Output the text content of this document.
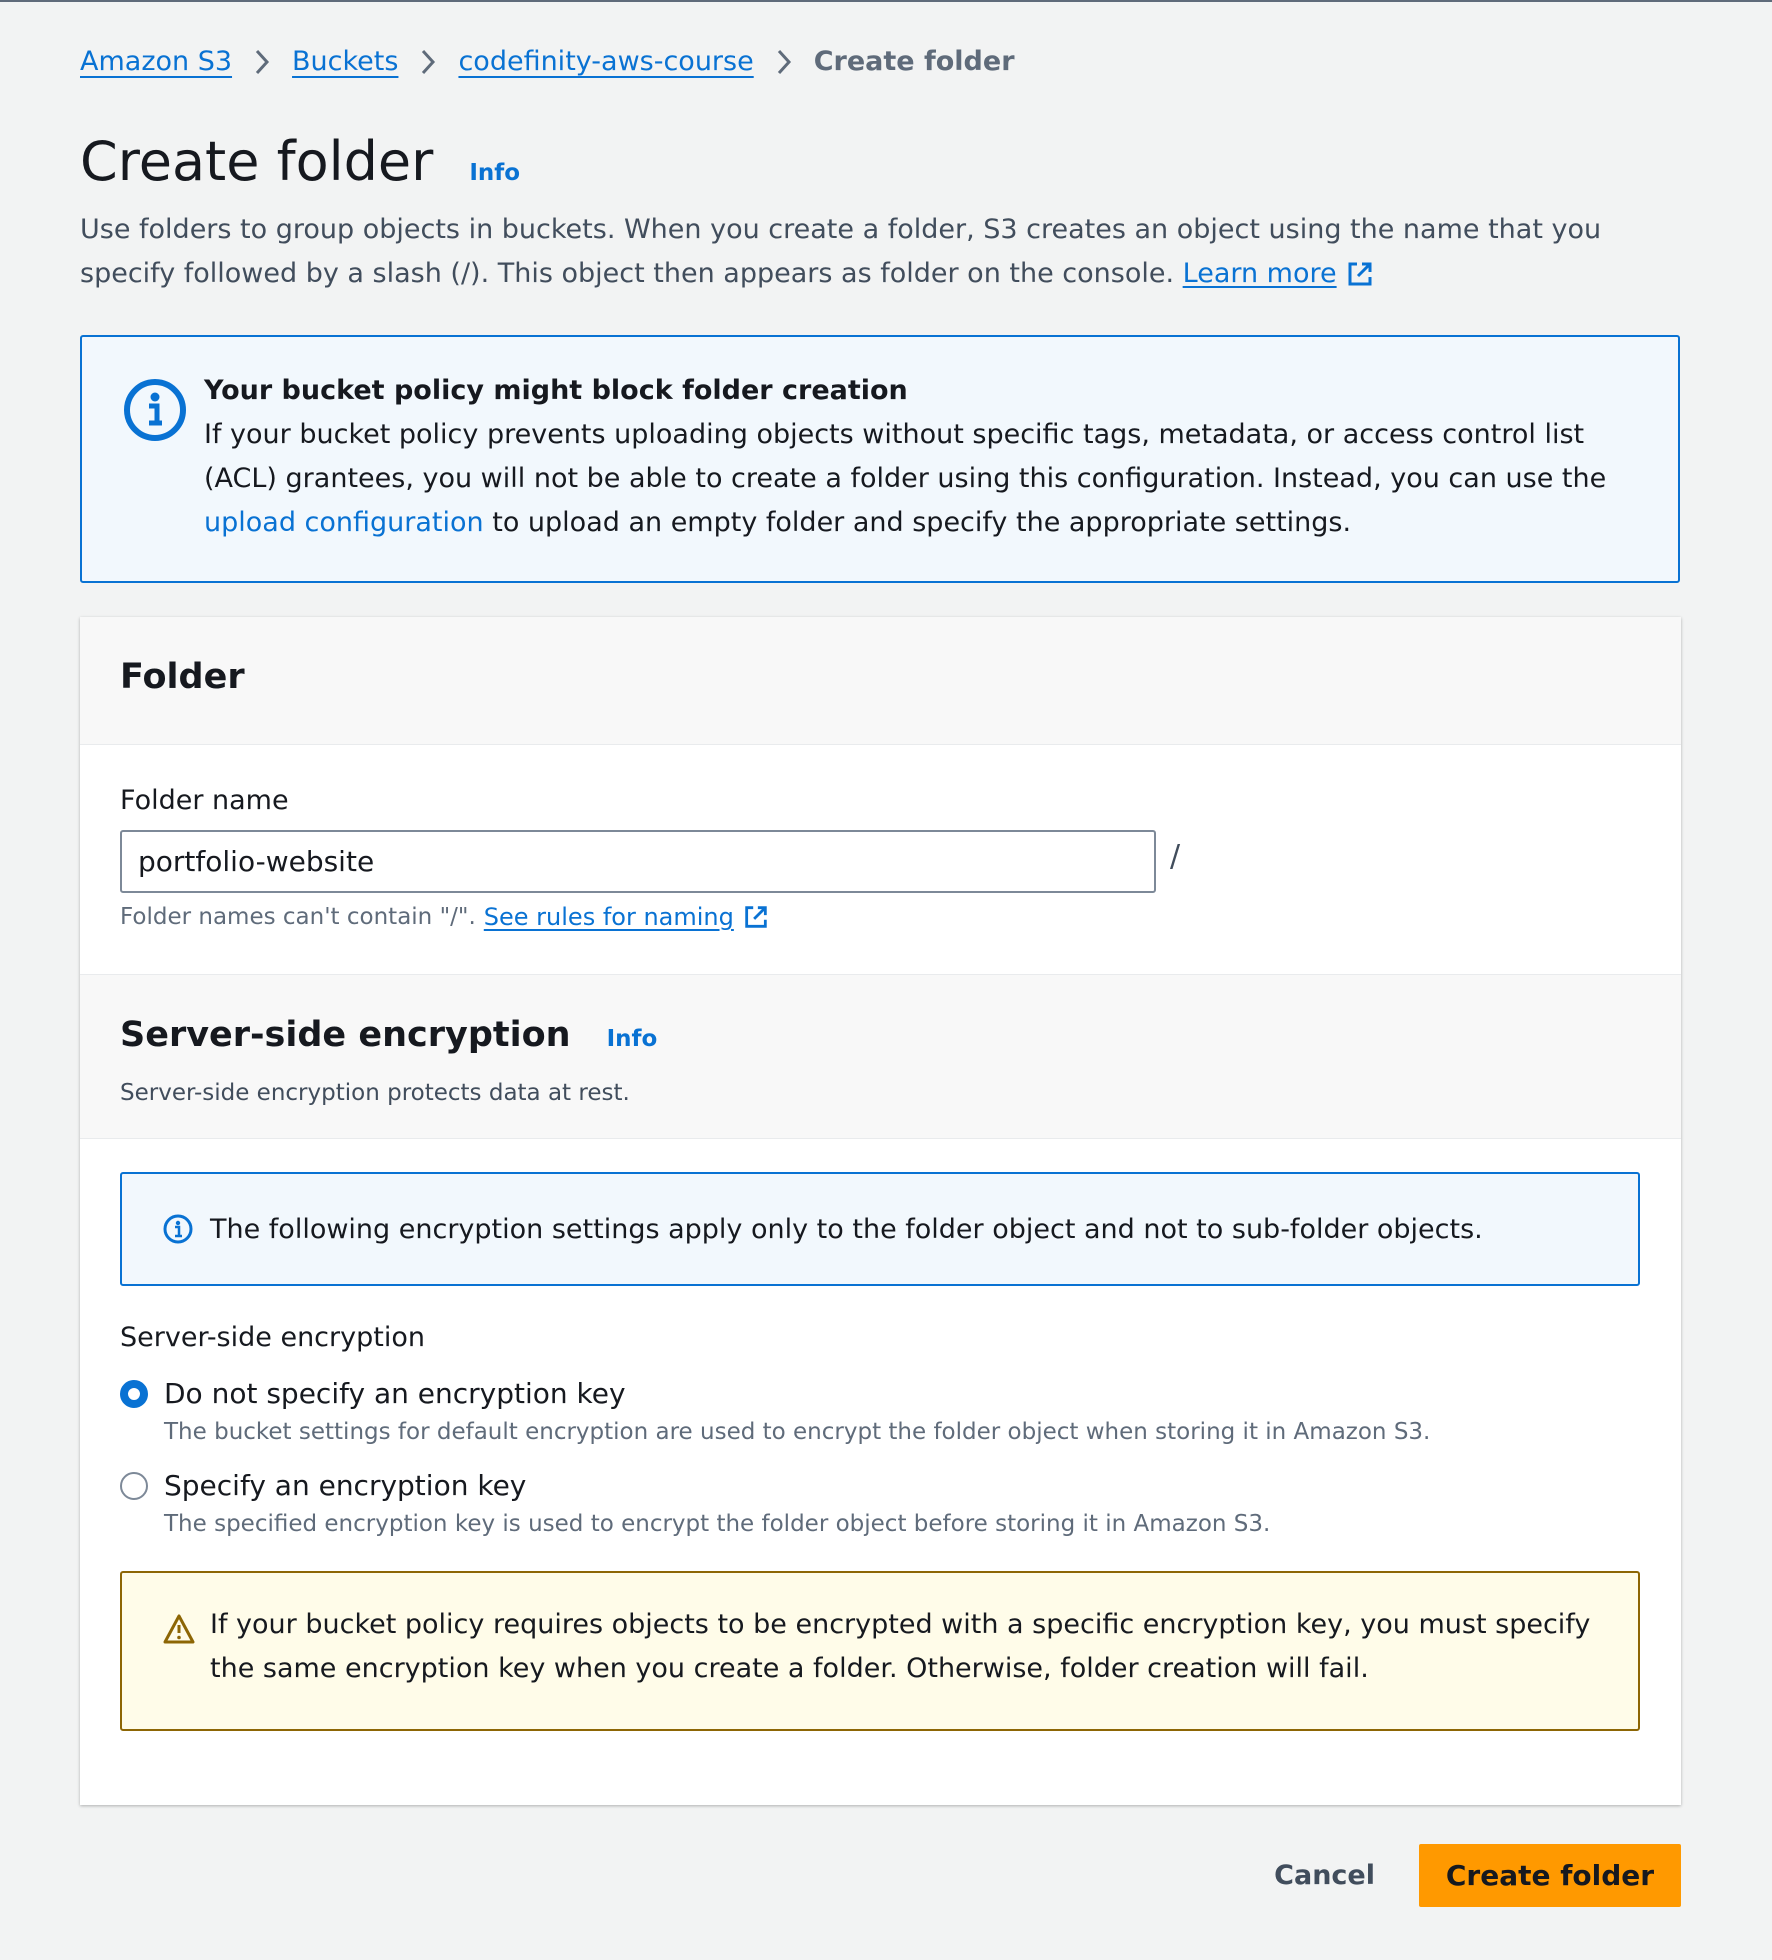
Amazon S3 Buckets codefinity-aws-course Create folder
Create folder Info

Use folders to group objects in buckets. When you create a folder, S3 creates an object using the name that you specify followed by a slash (/). This object then appears as folder on the console. Learn more

Your bucket policy might block folder creation
If your bucket policy prevents uploading objects without specific tags, metadata, or access control list (ACL) grantees, you will not be able to create a folder using this configuration. Instead, you can use the upload configuration to upload an empty folder and specify the appropriate settings.
Folder
Folder name
portfolio-website
/
Folder names can't contain "/". See rules for naming
Server-side encryption Info
Server-side encryption protects data at rest.
The following encryption settings apply only to the folder object and not to sub-folder objects.
Server-side encryption
Do not specify an encryption key
The bucket settings for default encryption are used to encrypt the folder object when storing it in Amazon S3.
Specify an encryption key
The specified encryption key is used to encrypt the folder object before storing it in Amazon S3.
If your bucket policy requires objects to be encrypted with a specific encryption key, you must specify the same encryption key when you create a folder. Otherwise, folder creation will fail.
Cancel	Create folder
